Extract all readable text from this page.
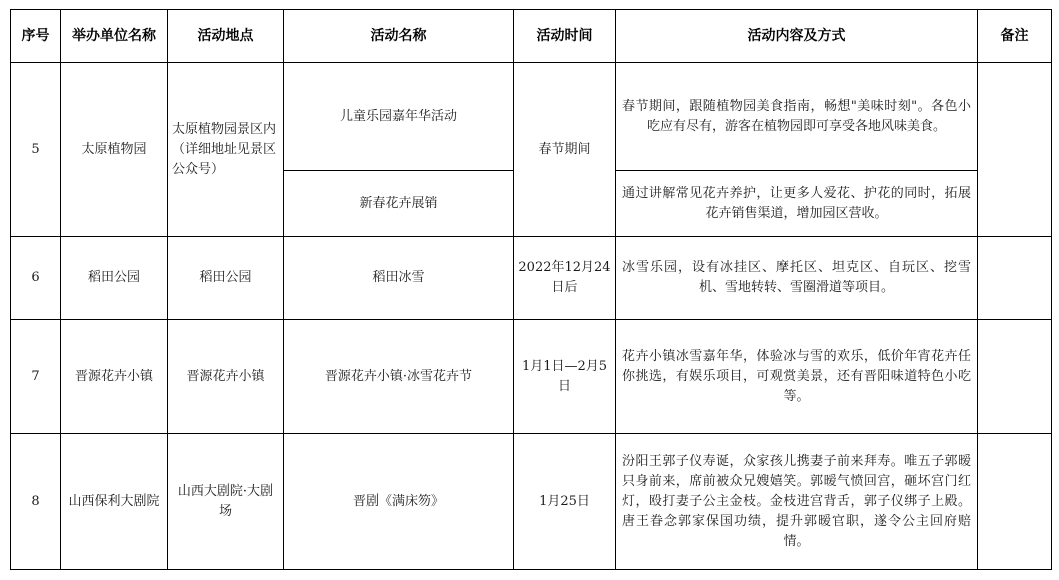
序号	举办单位名称	活动地点	活动名称	活动时间	活动内容及方式	备注
5	太原植物园	太原植物园景区内（详细地址见景区公众号）	儿童乐园嘉年华活动	春节期间	春节期间，跟随植物园美食指南，畅想"美味时刻"。各色小吃应有尽有，游客在植物园即可享受各地风味美食。	
			新春花卉展销		通过讲解常见花卉养护，让更多人爱花、护花的同时，拓展花卉销售渠道，增加园区营收。	
6	稻田公园	稻田公园	稻田冰雪	2022年12月24日后	冰雪乐园，设有冰挂区、摩托区、坦克区、自玩区、挖雪机、雪地转转、雪圈滑道等项目。	
7	晋源花卉小镇	晋源花卉小镇	晋源花卉小镇·冰雪花卉节	1月1日—2月5日	花卉小镇冰雪嘉年华，体验冰与雪的欢乐，低价年宵花卉任你挑选，有娱乐项目，可观赏美景，还有晋阳味道特色小吃等。	
8	山西保利大剧院	山西大剧院·大剧场	晋剧《满床笏》	1月25日	汾阳王郭子仪寿诞，众家孩儿携妻子前来拜寿。唯五子郭暧只身前来，席前被众兄嫂嬉笑。郭暧气愤回宫，砸坏宫门红灯，殴打妻子公主金枝。金枝进宫背舌，郭子仪绑子上殿。唐王眷念郭家保国功绩，提升郭暧官职，遂令公主回府赔情。	
